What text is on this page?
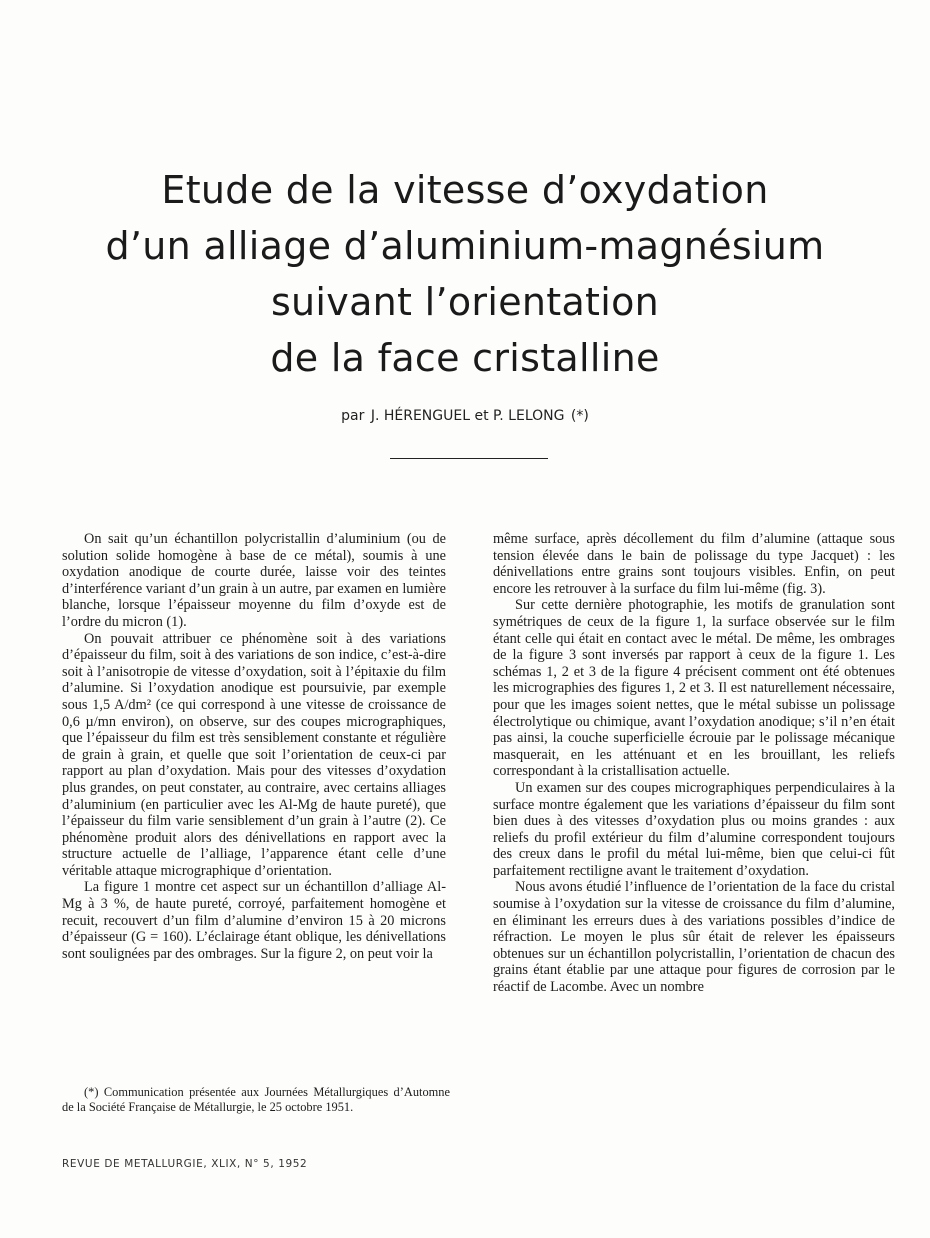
Etude de la vitesse d’oxydation
d’un alliage d’aluminium-magnésium
suivant l’orientation
de la face cristalline
par J. HÉRENGUEL et P. LELONG (*)

On sait qu’un échantillon polycristallin d’aluminium (ou de solution solide homogène à base de ce métal), soumis à une oxydation anodique de courte durée, laisse voir des teintes d’interférence variant d’un grain à un autre, par examen en lumière blanche, lorsque l’épaisseur moyenne du film d’oxyde est de l’ordre du micron (1).

On pouvait attribuer ce phénomène soit à des variations d’épaisseur du film, soit à des variations de son indice, c’est-à-dire soit à l’anisotropie de vitesse d’oxydation, soit à l’épitaxie du film d’alumine. Si l’oxydation anodique est poursuivie, par exemple sous 1,5 A/dm² (ce qui correspond à une vitesse de croissance de 0,6 µ/mn environ), on observe, sur des coupes micrographiques, que l’épaisseur du film est très sensiblement constante et régulière de grain à grain, et quelle que soit l’orientation de ceux-ci par rapport au plan d’oxydation. Mais pour des vitesses d’oxydation plus grandes, on peut constater, au contraire, avec certains alliages d’aluminium (en particulier avec les Al-Mg de haute pureté), que l’épaisseur du film varie sensiblement d’un grain à l’autre (2). Ce phénomène produit alors des dénivellations en rapport avec la structure actuelle de l’alliage, l’apparence étant celle d’une véritable attaque micrographique d’orientation.

La figure 1 montre cet aspect sur un échantillon d’alliage Al-Mg à 3 %, de haute pureté, corroyé, parfaitement homogène et recuit, recouvert d’un film d’alumine d’environ 15 à 20 microns d’épaisseur (G = 160). L’éclairage étant oblique, les dénivellations sont soulignées par des ombrages. Sur la figure 2, on peut voir la

même surface, après décollement du film d’alumine (attaque sous tension élevée dans le bain de polissage du type Jacquet) : les dénivellations entre grains sont toujours visibles. Enfin, on peut encore les retrouver à la surface du film lui-même (fig. 3).

Sur cette dernière photographie, les motifs de granulation sont symétriques de ceux de la figure 1, la surface observée sur le film étant celle qui était en contact avec le métal. De même, les ombrages de la figure 3 sont inversés par rapport à ceux de la figure 1. Les schémas 1, 2 et 3 de la figure 4 précisent comment ont été obtenues les micrographies des figures 1, 2 et 3. Il est naturellement nécessaire, pour que les images soient nettes, que le métal subisse un polissage électrolytique ou chimique, avant l’oxydation anodique; s’il n’en était pas ainsi, la couche superficielle écrouie par le polissage mécanique masquerait, en les atténuant et en les brouillant, les reliefs correspondant à la cristallisation actuelle.

Un examen sur des coupes micrographiques perpendiculaires à la surface montre également que les variations d’épaisseur du film sont bien dues à des vitesses d’oxydation plus ou moins grandes : aux reliefs du profil extérieur du film d’alumine correspondent toujours des creux dans le profil du métal lui-même, bien que celui-ci fût parfaitement rectiligne avant le traitement d’oxydation.

Nous avons étudié l’influence de l’orientation de la face du cristal soumise à l’oxydation sur la vitesse de croissance du film d’alumine, en éliminant les erreurs dues à des variations possibles d’indice de réfraction. Le moyen le plus sûr était de relever les épaisseurs obtenues sur un échantillon polycristallin, l’orientation de chacun des grains étant établie par une attaque pour figures de corrosion par le réactif de Lacombe. Avec un nombre

(*) Communication présentée aux Journées Métallurgiques d’Automne de la Société Française de Métallurgie, le 25 octobre 1951.
REVUE DE METALLURGIE, XLIX, N° 5, 1952
